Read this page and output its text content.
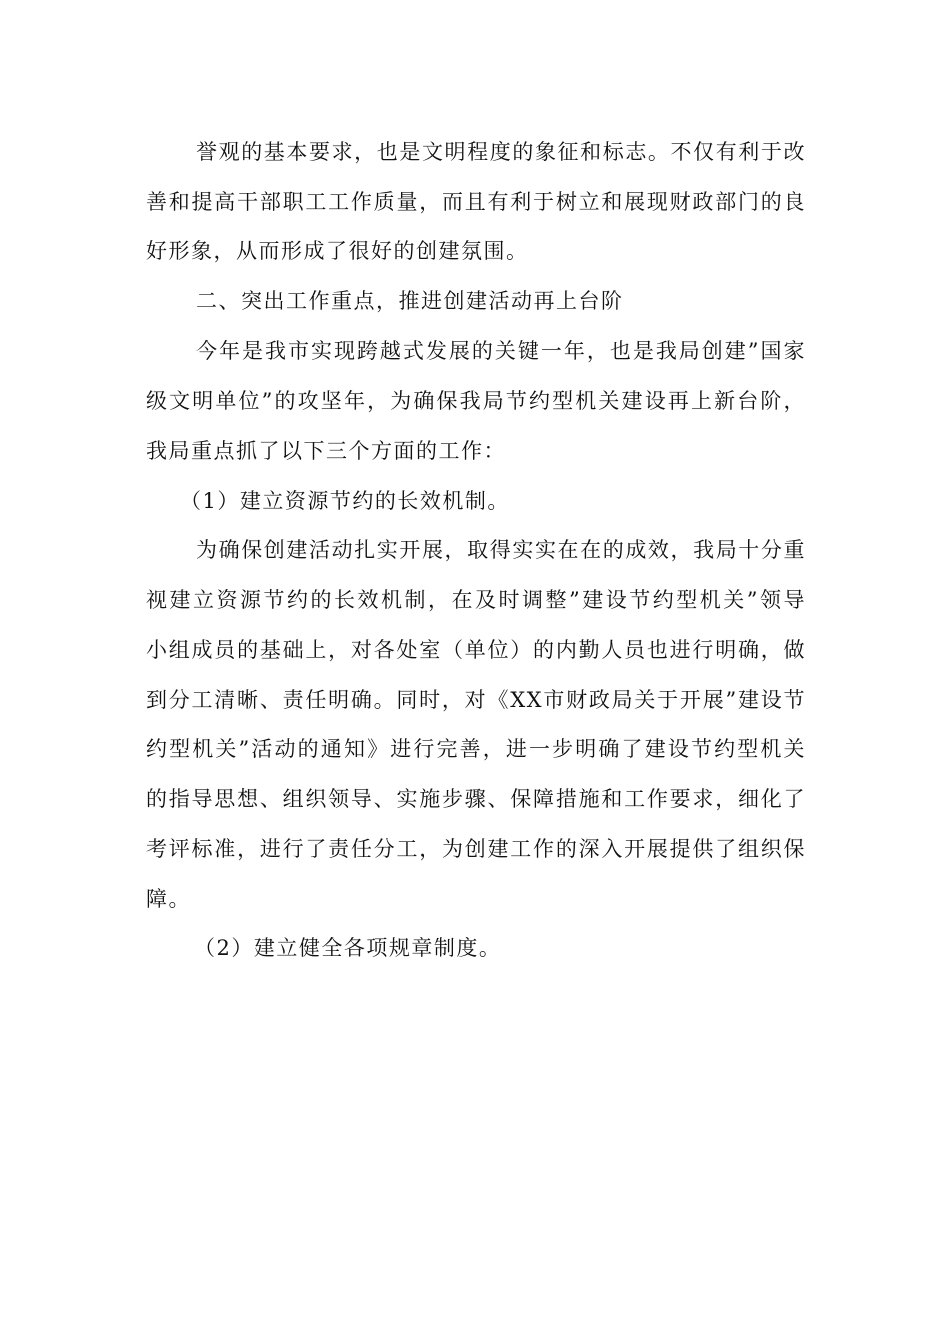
誉观的基本要求，也是文明程度的象征和标志。不仅有利于改
善和提高干部职工工作质量，而且有利于树立和展现财政部门的良
好形象，从而形成了很好的创建氛围。
二、突出工作重点，推进创建活动再上台阶
今年是我市实现跨越式发展的关键一年，也是我局创建”国家
级文明单位”的攻坚年，为确保我局节约型机关建设再上新台阶，
我局重点抓了以下三个方面的工作：
（1）建立资源节约的长效机制。
为确保创建活动扎实开展，取得实实在在的成效，我局十分重
视建立资源节约的长效机制，在及时调整”建设节约型机关”领导
小组成员的基础上，对各处室（单位）的内勤人员也进行明确，做
到分工清晰、责任明确。同时，对《XX市财政局关于开展”建设节
约型机关”活动的通知》进行完善，进一步明确了建设节约型机关
的指导思想、组织领导、实施步骤、保障措施和工作要求，细化了
考评标准，进行了责任分工，为创建工作的深入开展提供了组织保
障。
（2）建立健全各项规章制度。
